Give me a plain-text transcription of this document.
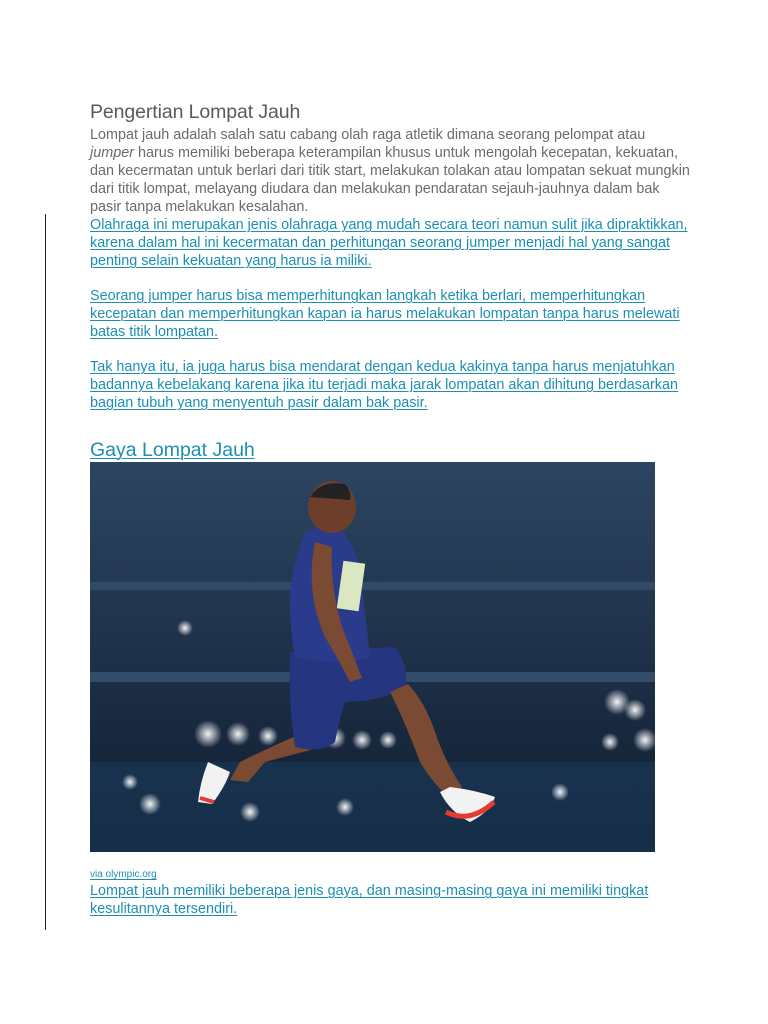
Pengertian Lompat Jauh

Lompat jauh adalah salah satu cabang olah raga atletik dimana seorang pelompat atau jumper harus memiliki beberapa keterampilan khusus untuk mengolah kecepatan, kekuatan, dan kecermatan untuk berlari dari titik start, melakukan tolakan atau lompatan sekuat mungkin dari titik lompat, melayang diudara dan melakukan pendaratan sejauh-jauhnya dalam bak pasir tanpa melakukan kesalahan.

Olahraga ini merupakan jenis olahraga yang mudah secara teori namun sulit jika dipraktikkan, karena dalam hal ini kecermatan dan perhitungan seorang jumper menjadi hal yang sangat penting selain kekuatan yang harus ia miliki.

Seorang jumper harus bisa memperhitungkan langkah ketika berlari, memperhitungkan kecepatan dan memperhitungkan kapan ia harus melakukan lompatan tanpa harus melewati batas titik lompatan.

Tak hanya itu, ia juga harus bisa mendarat dengan kedua kakinya tanpa harus menjatuhkan badannya kebelakang karena jika itu terjadi maka jarak lompatan akan dihitung berdasarkan bagian tubuh yang menyentuh pasir dalam bak pasir.

Gaya Lompat Jauh

via olympic.org

Lompat jauh memiliki beberapa jenis gaya, dan masing-masing gaya ini memiliki tingkat kesulitannya tersendiri.
